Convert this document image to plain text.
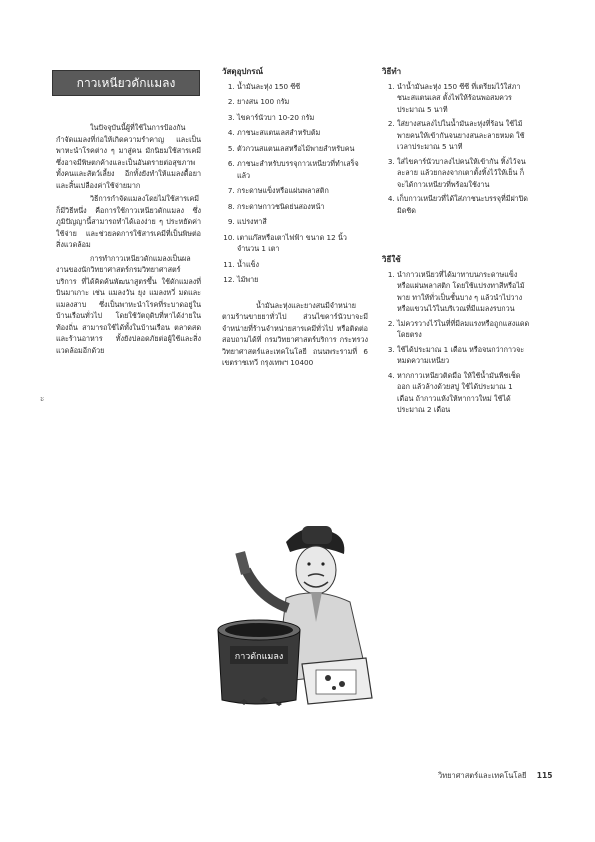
กาวเหนียวดักแมลง
ะ

ในปัจจุบันนี้ผู้ที่ใช้ในการป้องกันกำจัดแมลงที่ก่อให้เกิดความรำคาญ และเป็นพาหะนำโรคต่าง ๆ มาสู่คน มักนิยมใช้สารเคมีซึ่งอาจมีพิษตกค้างและเป็นอันตรายต่อสุขภาพ ทั้งคนและสัตว์เลี้ยง อีกทั้งยังทำให้แมลงดื้อยา และสิ้นเปลืองค่าใช้จ่ายมาก

วิธีการกำจัดแมลงโดยไม่ใช้สารเคมีก็มีวิธีหนึ่ง คือการใช้กาวเหนียวดักแมลง ซึ่งภูมิปัญญานี้สามารถทำได้เองง่าย ๆ ประหยัดค่าใช้จ่าย และช่วยลดการใช้สารเคมีที่เป็นพิษต่อสิ่งแวดล้อม

การทำกาวเหนียวดักแมลงเป็นผลงานของนักวิทยาศาสตร์กรมวิทยาศาสตร์บริการ ที่ได้คิดค้นพัฒนาสูตรขึ้น ใช้ดักแมลงที่บินมาเกาะ เช่น แมลงวัน ยุง แมลงหวี่ มดและแมลงสาบ ซึ่งเป็นพาหะนำโรคที่ระบาดอยู่ในบ้านเรือนทั่วไป โดยใช้วัตถุดิบที่หาได้ง่ายในท้องถิ่น สามารถใช้ได้ทั้งในบ้านเรือน ตลาดสด และร้านอาหาร ทั้งยังปลอดภัยต่อผู้ใช้และสิ่งแวดล้อมอีกด้วย

วัสดุอุปกรณ์
1. น้ำมันละหุ่ง 150 ซีซี
2. ยางสน 100 กรัม
3. ไขคาร์นัวบา 10-20 กรัม
4. ภาชนะสแตนเลสสำหรับต้ม
5. ตัวกวนสแตนเลสหรือไม้พายสำหรับคน
6. ภาชนะสำหรับบรรจุกาวเหนียวที่ทำเสร็จแล้ว
7. กระดาษแข็งหรือแผ่นพลาสติก
8. กระดาษกาวชนิดย่นสองหน้า
9. แปรงทาสี
10. เตาแก๊สหรือเตาไฟฟ้า ขนาด 12 นิ้ว จำนวน 1 เตา
11. น้ำแข็ง
12. ไม้พาย

น้ำมันละหุ่งและยางสนมีจำหน่ายตามร้านขายยาทั่วไป ส่วนไขคาร์นัวบาจะมีจำหน่ายที่ร้านจำหน่ายสารเคมีทั่วไป หรือติดต่อสอบถามได้ที่ กรมวิทยาศาสตร์บริการ กระทรวงวิทยาศาสตร์และเทคโนโลยี ถนนพระรามที่ 6 เขตราชเทวี กรุงเทพฯ 10400

กาวดักแมลง
วิธีทำ
1. นำน้ำมันละหุ่ง 150 ซีซี ที่เตรียมไว้ใส่ภาชนะสแตนเลส ตั้งไฟให้ร้อนพอสมควร ประมาณ 5 นาที
2. ใส่ยางสนลงไปในน้ำมันละหุ่งที่ร้อน ใช้ไม้พายคนให้เข้ากันจนยางสนละลายหมด ใช้เวลาประมาณ 5 นาที
3. ใส่ไขคาร์นัวบาลงไปคนให้เข้ากัน ทิ้งไว้จนละลาย แล้วยกลงจากเตาตั้งทิ้งไว้ให้เย็น ก็จะได้กาวเหนียวที่พร้อมใช้งาน
4. เก็บกาวเหนียวที่ได้ใส่ภาชนะบรรจุที่มีฝาปิดมิดชิด
วิธีใช้
1. นำกาวเหนียวที่ได้มาทาบนกระดาษแข็งหรือแผ่นพลาสติก โดยใช้แปรงทาสีหรือไม้พาย ทาให้ทั่วเป็นชั้นบาง ๆ แล้วนำไปวางหรือแขวนไว้ในบริเวณที่มีแมลงรบกวน
2. ไม่ควรวางไว้ในที่ที่มีลมแรงหรือถูกแสงแดดโดยตรง
3. ใช้ได้ประมาณ 1 เดือน หรือจนกว่ากาวจะหมดความเหนียว
4. หากกาวเหนียวติดมือ ให้ใช้น้ำมันพืชเช็ดออก แล้วล้างด้วยสบู่ ใช้ได้ประมาณ 1 เดือน ถ้ากาวแห้งให้ทากาวใหม่ ใช้ได้ประมาณ 2 เดือน
วิทยาศาสตร์และเทคโนโลยี 115
